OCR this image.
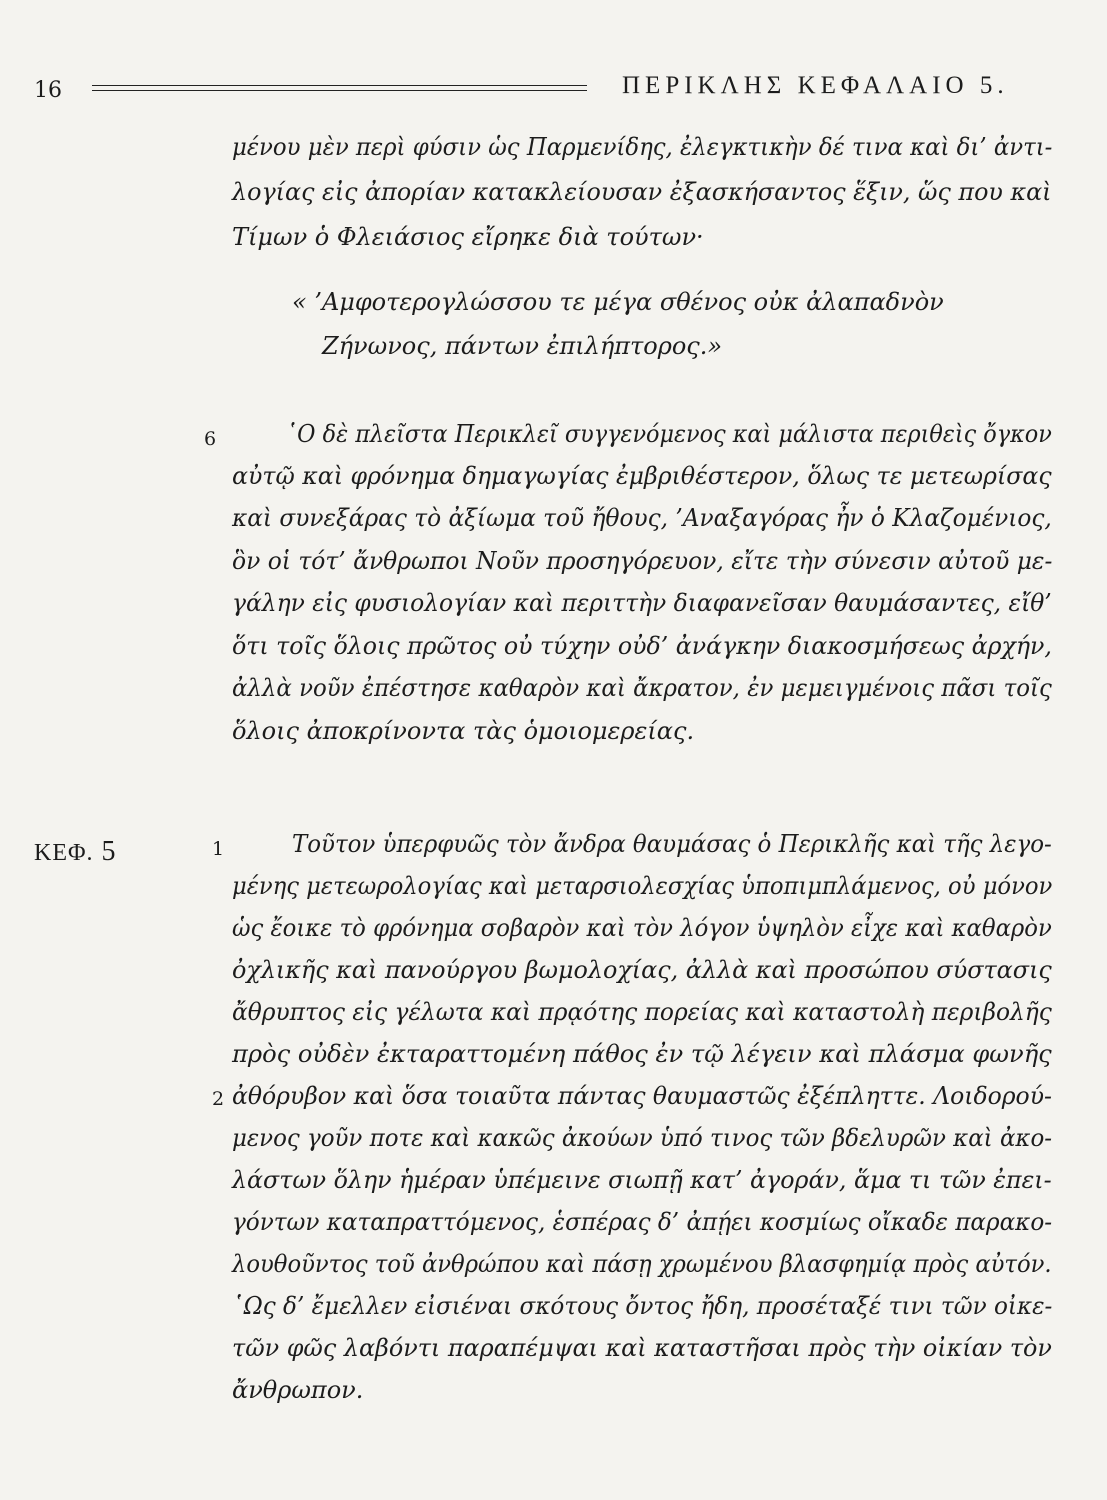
16	ΠΕΡΙΚΛΗΣ ΚΕΦΑΛΑΙΟ 5.
μένου μὲν περὶ φύσιν ὡς Παρμενίδης, ἐλεγκτικὴν δέ τινα καὶ δι’ ἀντι-
λογίας εἰς ἀπορίαν κατακλείουσαν ἐξασκήσαντος ἕξιν, ὥς που καὶ
Τίμων ὁ Φλειάσιος εἴρηκε διὰ τούτων·
« ’Αμφοτερογλώσσου τε μέγα σθένος οὐκ ἀλαπαδνὸν
Ζήνωνος, πάντων ἐπιλήπτορος.»
6	῾Ο δὲ πλεῖστα Περικλεῖ συγγενόμενος καὶ μάλιστα περιθεὶς ὄγκον
αὐτῷ καὶ φρόνημα δημαγωγίας ἐμβριθέστερον, ὅλως τε μετεωρίσας
καὶ συνεξάρας τὸ ἀξίωμα τοῦ ἤθους, ’Αναξαγόρας ἦν ὁ Κλαζομένιος,
ὃν οἱ τότ’ ἄνθρωποι Νοῦν προσηγόρευον, εἴτε τὴν σύνεσιν αὐτοῦ με-
γάλην εἰς φυσιολογίαν καὶ περιττὴν διαφανεῖσαν θαυμάσαντες, εἴθ’
ὅτι τοῖς ὅλοις πρῶτος οὐ τύχην οὐδ’ ἀνάγκην διακοσμήσεως ἀρχήν,
ἀλλὰ νοῦν ἐπέστησε καθαρὸν καὶ ἄκρατον, ἐν μεμειγμένοις πᾶσι τοῖς
ὅλοις ἀποκρίνοντα τὰς ὁμοιομερείας.
ΚΕΦ. 5	1	Τοῦτον ὑπερφυῶς τὸν ἄνδρα θαυμάσας ὁ Περικλῆς καὶ τῆς λεγο-
μένης μετεωρολογίας καὶ μεταρσιολεσχίας ὑποπιμπλάμενος, οὐ μόνον
ὡς ἔοικε τὸ φρόνημα σοβαρὸν καὶ τὸν λόγον ὑψηλὸν εἶχε καὶ καθαρὸν
ὀχλικῆς καὶ πανούργου βωμολοχίας, ἀλλὰ καὶ προσώπου σύστασις
ἄθρυπτος εἰς γέλωτα καὶ πρᾳότης πορείας καὶ καταστολὴ περιβολῆς
πρὸς οὐδὲν ἐκταραττομένη πάθος ἐν τῷ λέγειν καὶ πλάσμα φωνῆς
2 ἀθόρυβον καὶ ὅσα τοιαῦτα πάντας θαυμαστῶς ἐξέπληττε. Λοιδορού-
μενος γοῦν ποτε καὶ κακῶς ἀκούων ὑπό τινος τῶν βδελυρῶν καὶ ἀκο-
λάστων ὅλην ἡμέραν ὑπέμεινε σιωπῇ κατ’ ἀγοράν, ἅμα τι τῶν ἐπει-
γόντων καταπραττόμενος, ἑσπέρας δ’ ἀπῄει κοσμίως οἴκαδε παρακο-
λουθοῦντος τοῦ ἀνθρώπου καὶ πάσῃ χρωμένου βλασφημίᾳ πρὸς αὐτόν.
῾Ως δ’ ἔμελλεν εἰσιέναι σκότους ὄντος ἤδη, προσέταξέ τινι τῶν οἰκε-
τῶν φῶς λαβόντι παραπέμψαι καὶ καταστῆσαι πρὸς τὴν οἰκίαν τὸν
ἄνθρωπον.
